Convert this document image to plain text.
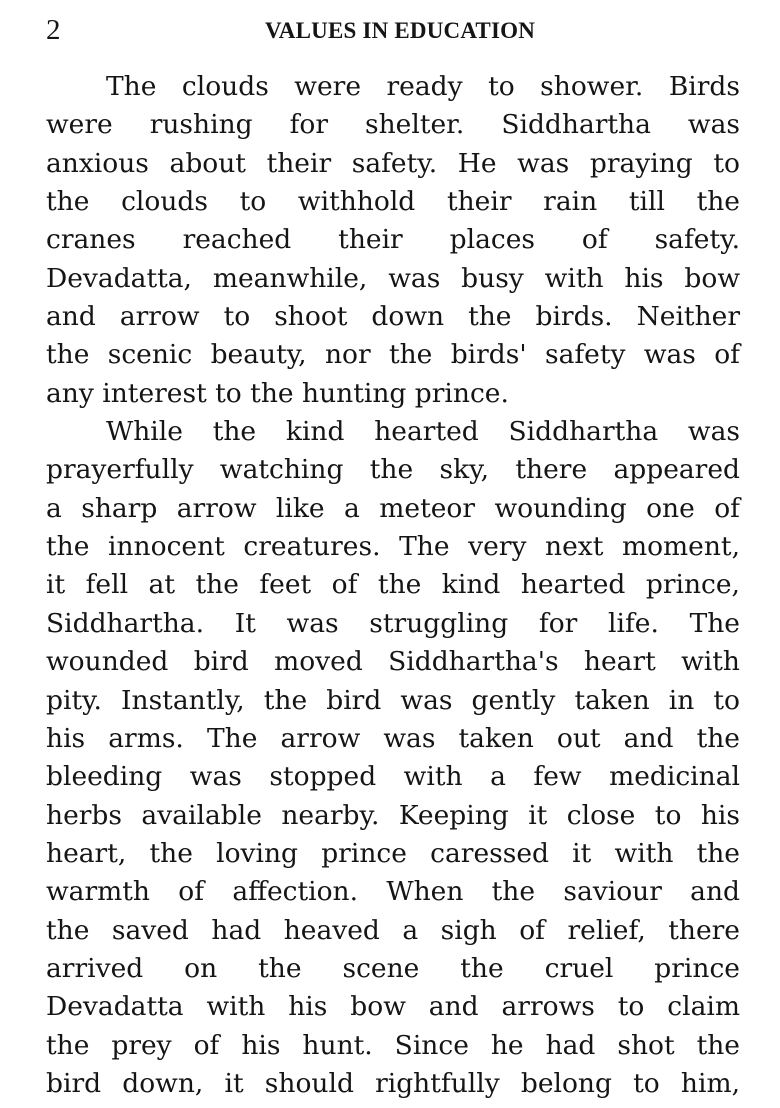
2	VALUES IN EDUCATION
The clouds were ready to shower. Birds
were rushing for shelter. Siddhartha was
anxious about their safety. He was praying to
the clouds to withhold their rain till the
cranes reached their places of safety.
Devadatta, meanwhile, was busy with his bow
and arrow to shoot down the birds. Neither
the scenic beauty, nor the birds' safety was of
any interest to the hunting prince.
While the kind hearted Siddhartha was
prayerfully watching the sky, there appeared
a sharp arrow like a meteor wounding one of
the innocent creatures. The very next moment,
it fell at the feet of the kind hearted prince,
Siddhartha. It was struggling for life. The
wounded bird moved Siddhartha's heart with
pity. Instantly, the bird was gently taken in to
his arms. The arrow was taken out and the
bleeding was stopped with a few medicinal
herbs available nearby. Keeping it close to his
heart, the loving prince caressed it with the
warmth of affection. When the saviour and
the saved had heaved a sigh of relief, there
arrived on the scene the cruel prince
Devadatta with his bow and arrows to claim
the prey of his hunt. Since he had shot the
bird down, it should rightfully belong to him,
